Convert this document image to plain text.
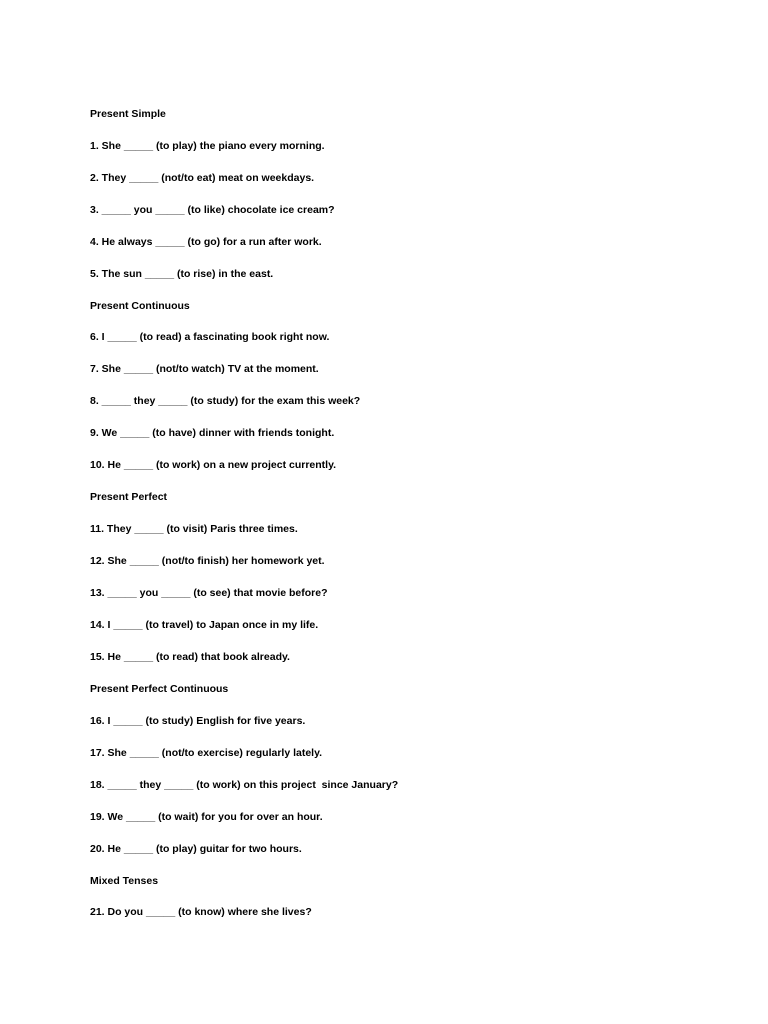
Present Simple
1. She _____ (to play) the piano every morning.
2. They _____ (not/to eat) meat on weekdays.
3. _____ you _____ (to like) chocolate ice cream?
4. He always _____ (to go) for a run after work.
5. The sun _____ (to rise) in the east.
Present Continuous
6. I _____ (to read) a fascinating book right now.
7. She _____ (not/to watch) TV at the moment.
8. _____ they _____ (to study) for the exam this week?
9. We _____ (to have) dinner with friends tonight.
10. He _____ (to work) on a new project currently.
Present Perfect
11. They _____ (to visit) Paris three times.
12. She _____ (not/to finish) her homework yet.
13. _____ you _____ (to see) that movie before?
14. I _____ (to travel) to Japan once in my life.
15. He _____ (to read) that book already.
Present Perfect Continuous
16. I _____ (to study) English for five years.
17. She _____ (not/to exercise) regularly lately.
18. _____ they _____ (to work) on this project  since January?
19. We _____ (to wait) for you for over an hour.
20. He _____ (to play) guitar for two hours.
Mixed Tenses
21. Do you _____ (to know) where she lives?
